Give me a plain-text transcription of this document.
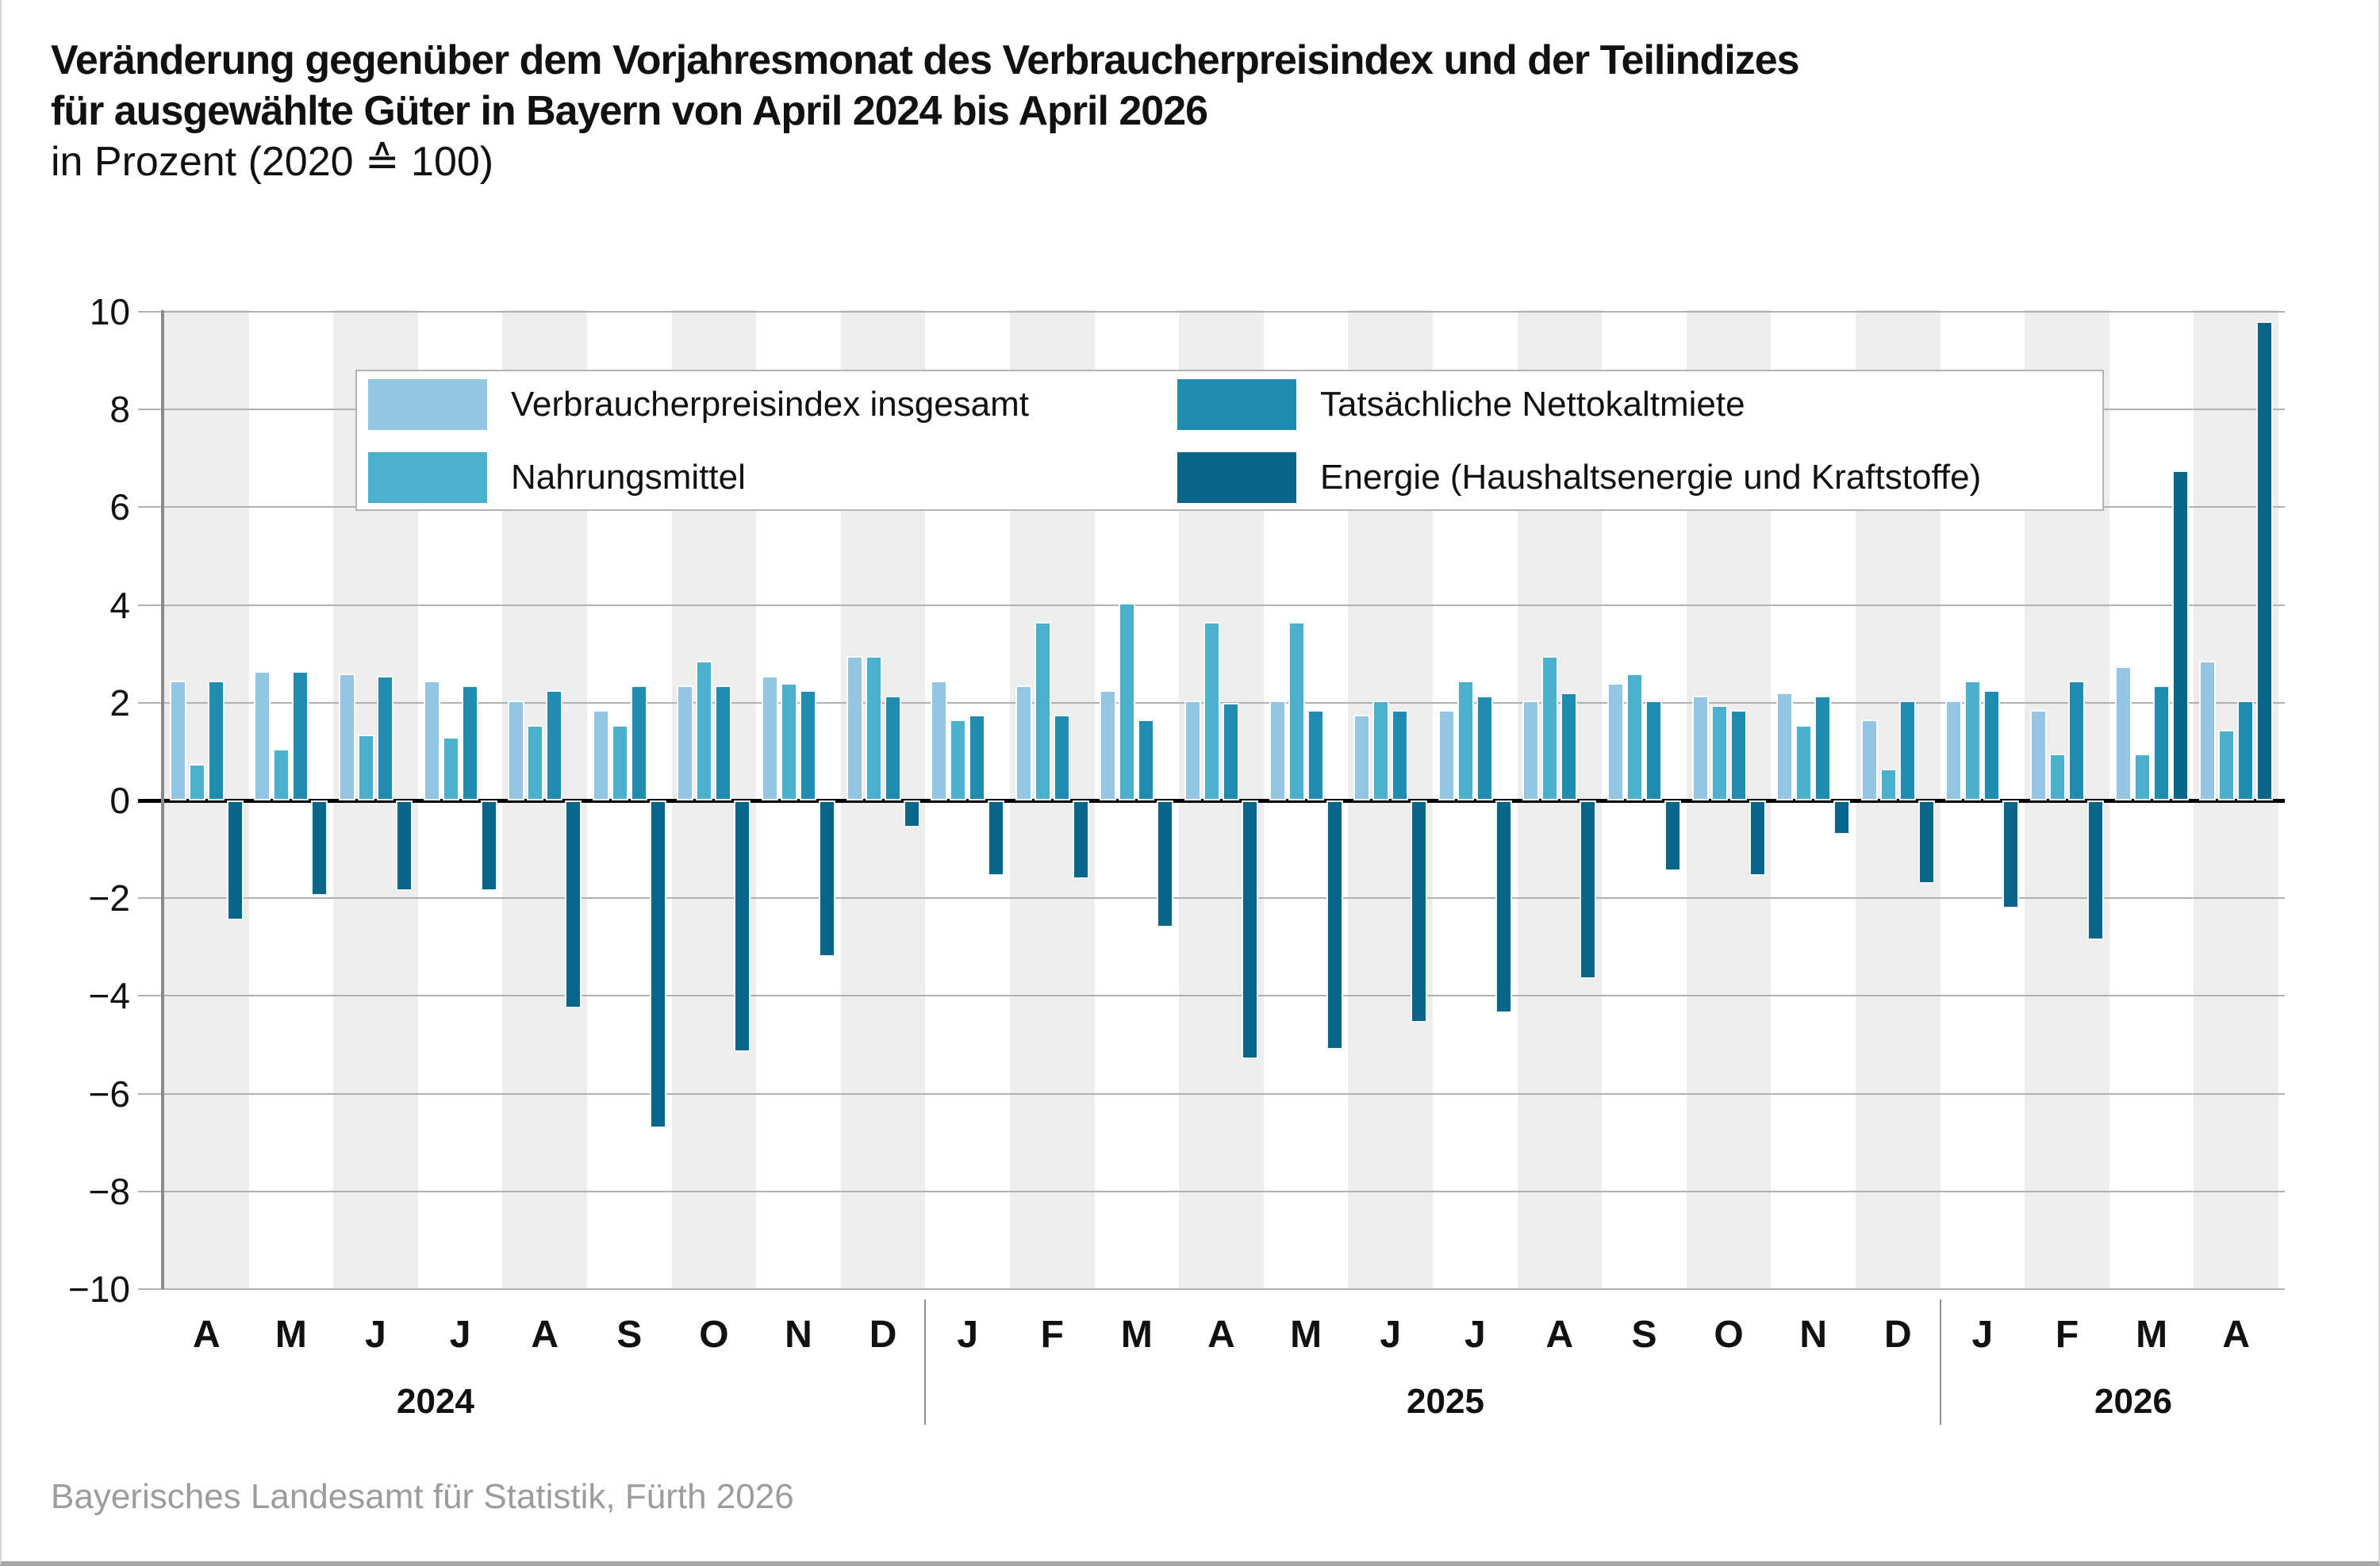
Veränderung gegenüber dem Vorjahresmonat des Verbraucherpreisindex und der Teilindizes
für ausgewählte Güter in Bayern von April 2024 bis April 2026
in Prozent (2020 ≙ 100)
−10
−8
−6
−4
−2
0
2
4
6
8
10
A	M	J	J	A	S	O	N	D	J	F	M	A	M	J	J	A	S	O	N	D	J	F	M	A
2024	2025	2026
Verbraucherpreisindex insgesamt
Nahrungsmittel
Tatsächliche Nettokaltmiete
Energie (Haushaltsenergie und Kraftstoffe)
Bayerisches Landesamt für Statistik, Fürth 2026
